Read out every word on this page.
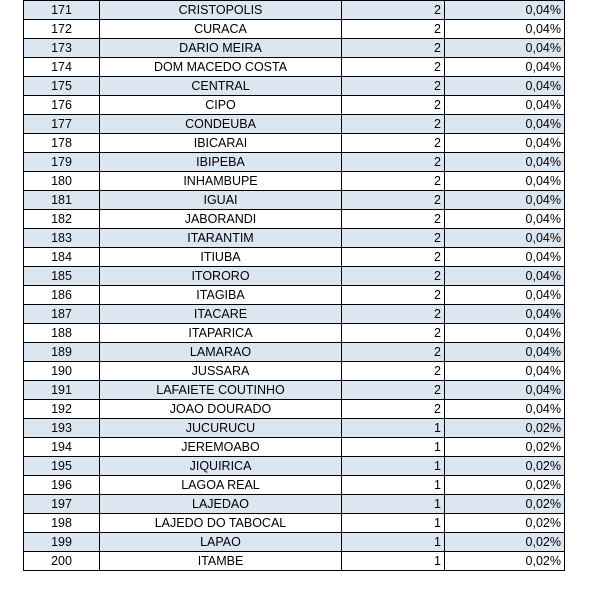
171	CRISTOPOLIS	2	0,04%
172	CURACA	2	0,04%
173	DARIO MEIRA	2	0,04%
174	DOM MACEDO COSTA	2	0,04%
175	CENTRAL	2	0,04%
176	CIPO	2	0,04%
177	CONDEUBA	2	0,04%
178	IBICARAI	2	0,04%
179	IBIPEBA	2	0,04%
180	INHAMBUPE	2	0,04%
181	IGUAI	2	0,04%
182	JABORANDI	2	0,04%
183	ITARANTIM	2	0,04%
184	ITIUBA	2	0,04%
185	ITORORO	2	0,04%
186	ITAGIBA	2	0,04%
187	ITACARE	2	0,04%
188	ITAPARICA	2	0,04%
189	LAMARAO	2	0,04%
190	JUSSARA	2	0,04%
191	LAFAIETE COUTINHO	2	0,04%
192	JOAO DOURADO	2	0,04%
193	JUCURUCU	1	0,02%
194	JEREMOABO	1	0,02%
195	JIQUIRICA	1	0,02%
196	LAGOA REAL	1	0,02%
197	LAJEDAO	1	0,02%
198	LAJEDO DO TABOCAL	1	0,02%
199	LAPAO	1	0,02%
200	ITAMBE	1	0,02%
